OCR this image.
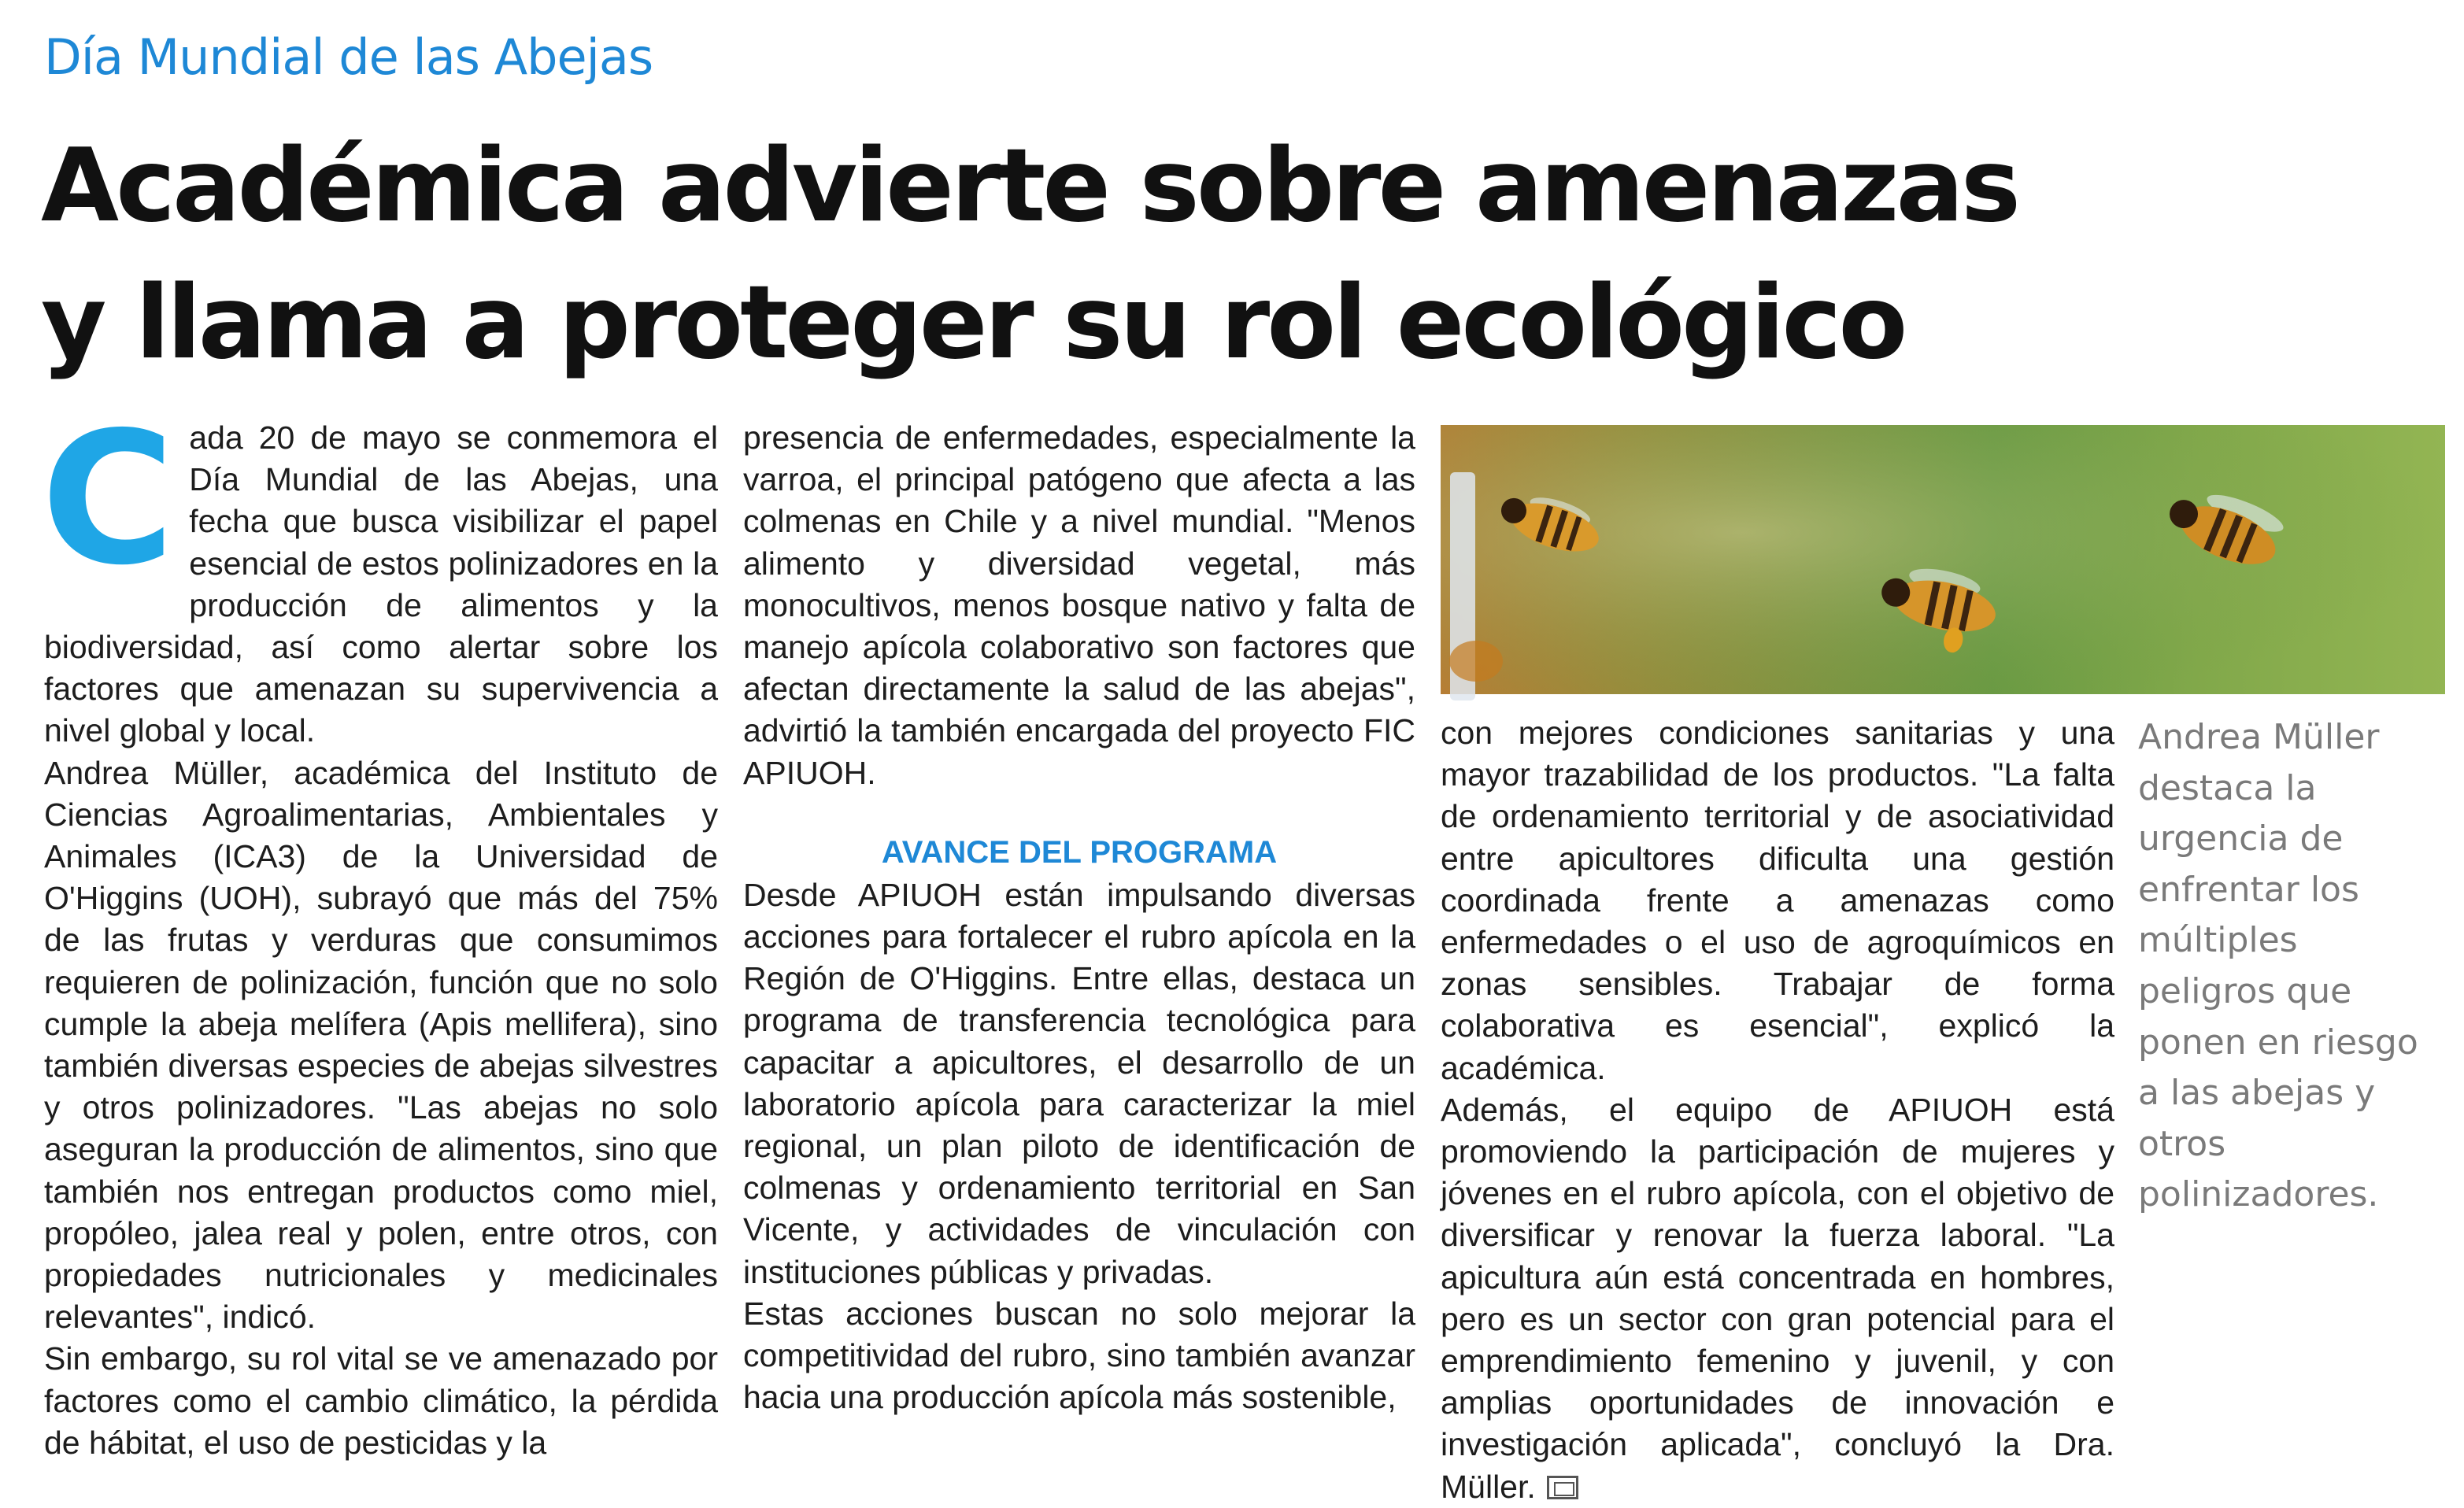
Día Mundial de las Abejas
Académica advierte sobre amenazas
y llama a proteger su rol ecológico
C ada 20 de mayo se conmemora el Día Mundial de las Abejas, una fecha que busca visibilizar el papel esencial de estos polinizadores en la producción de alimentos y la biodiversidad, así como alertar sobre los factores que amenazan su supervivencia a nivel global y local.

Andrea Müller, académica del Instituto de Ciencias Agroalimentarias, Ambientales y Animales (ICA3) de la Universidad de O'Higgins (UOH), subrayó que más del 75% de las frutas y verduras que consumimos requieren de polinización, función que no solo cumple la abeja melífera (Apis mellifera), sino también diversas especies de abejas silvestres y otros polinizadores. "Las abejas no solo aseguran la producción de alimentos, sino que también nos entregan productos como miel, propóleo, jalea real y polen, entre otros, con propiedades nutricionales y medicinales relevantes", indicó.

Sin embargo, su rol vital se ve amenazado por factores como el cambio climático, la pérdida de hábitat, el uso de pesticidas y la

presencia de enfermedades, especialmente la varroa, el principal patógeno que afecta a las colmenas en Chile y a nivel mundial. "Menos alimento y diversidad vegetal, más monocultivos, menos bosque nativo y falta de manejo apícola colaborativo son factores que afectan directamente la salud de las abejas", advirtió la también encargada del proyecto FIC APIUOH.

AVANCE DEL PROGRAMA

Desde APIUOH están impulsando diversas acciones para fortalecer el rubro apícola en la Región de O'Higgins. Entre ellas, destaca un programa de transferencia tecnológica para capacitar a apicultores, el desarrollo de un laboratorio apícola para caracterizar la miel regional, un plan piloto de identificación de colmenas y ordenamiento territorial en San Vicente, y actividades de vinculación con instituciones públicas y privadas.

Estas acciones buscan no solo mejorar la competitividad del rubro, sino también avanzar hacia una producción apícola más sostenible,

con mejores condiciones sanitarias y una mayor trazabilidad de los productos. "La falta de ordenamiento territorial y de asociatividad entre apicultores dificulta una gestión coordinada frente a amenazas como enfermedades o el uso de agroquímicos en zonas sensibles. Trabajar de forma colaborativa es esencial", explicó la académica.

Además, el equipo de APIUOH está promoviendo la participación de mujeres y jóvenes en el rubro apícola, con el objetivo de diversificar y renovar la fuerza laboral. "La apicultura aún está concentrada en hombres, pero es un sector con gran potencial para el emprendimiento femenino y juvenil, y con amplias oportunidades de innovación e investigación aplicada", concluyó la Dra. Müller.

Andrea Müller destaca la urgencia de enfrentar los múltiples peligros que ponen en riesgo a las abejas y otros polinizadores.
